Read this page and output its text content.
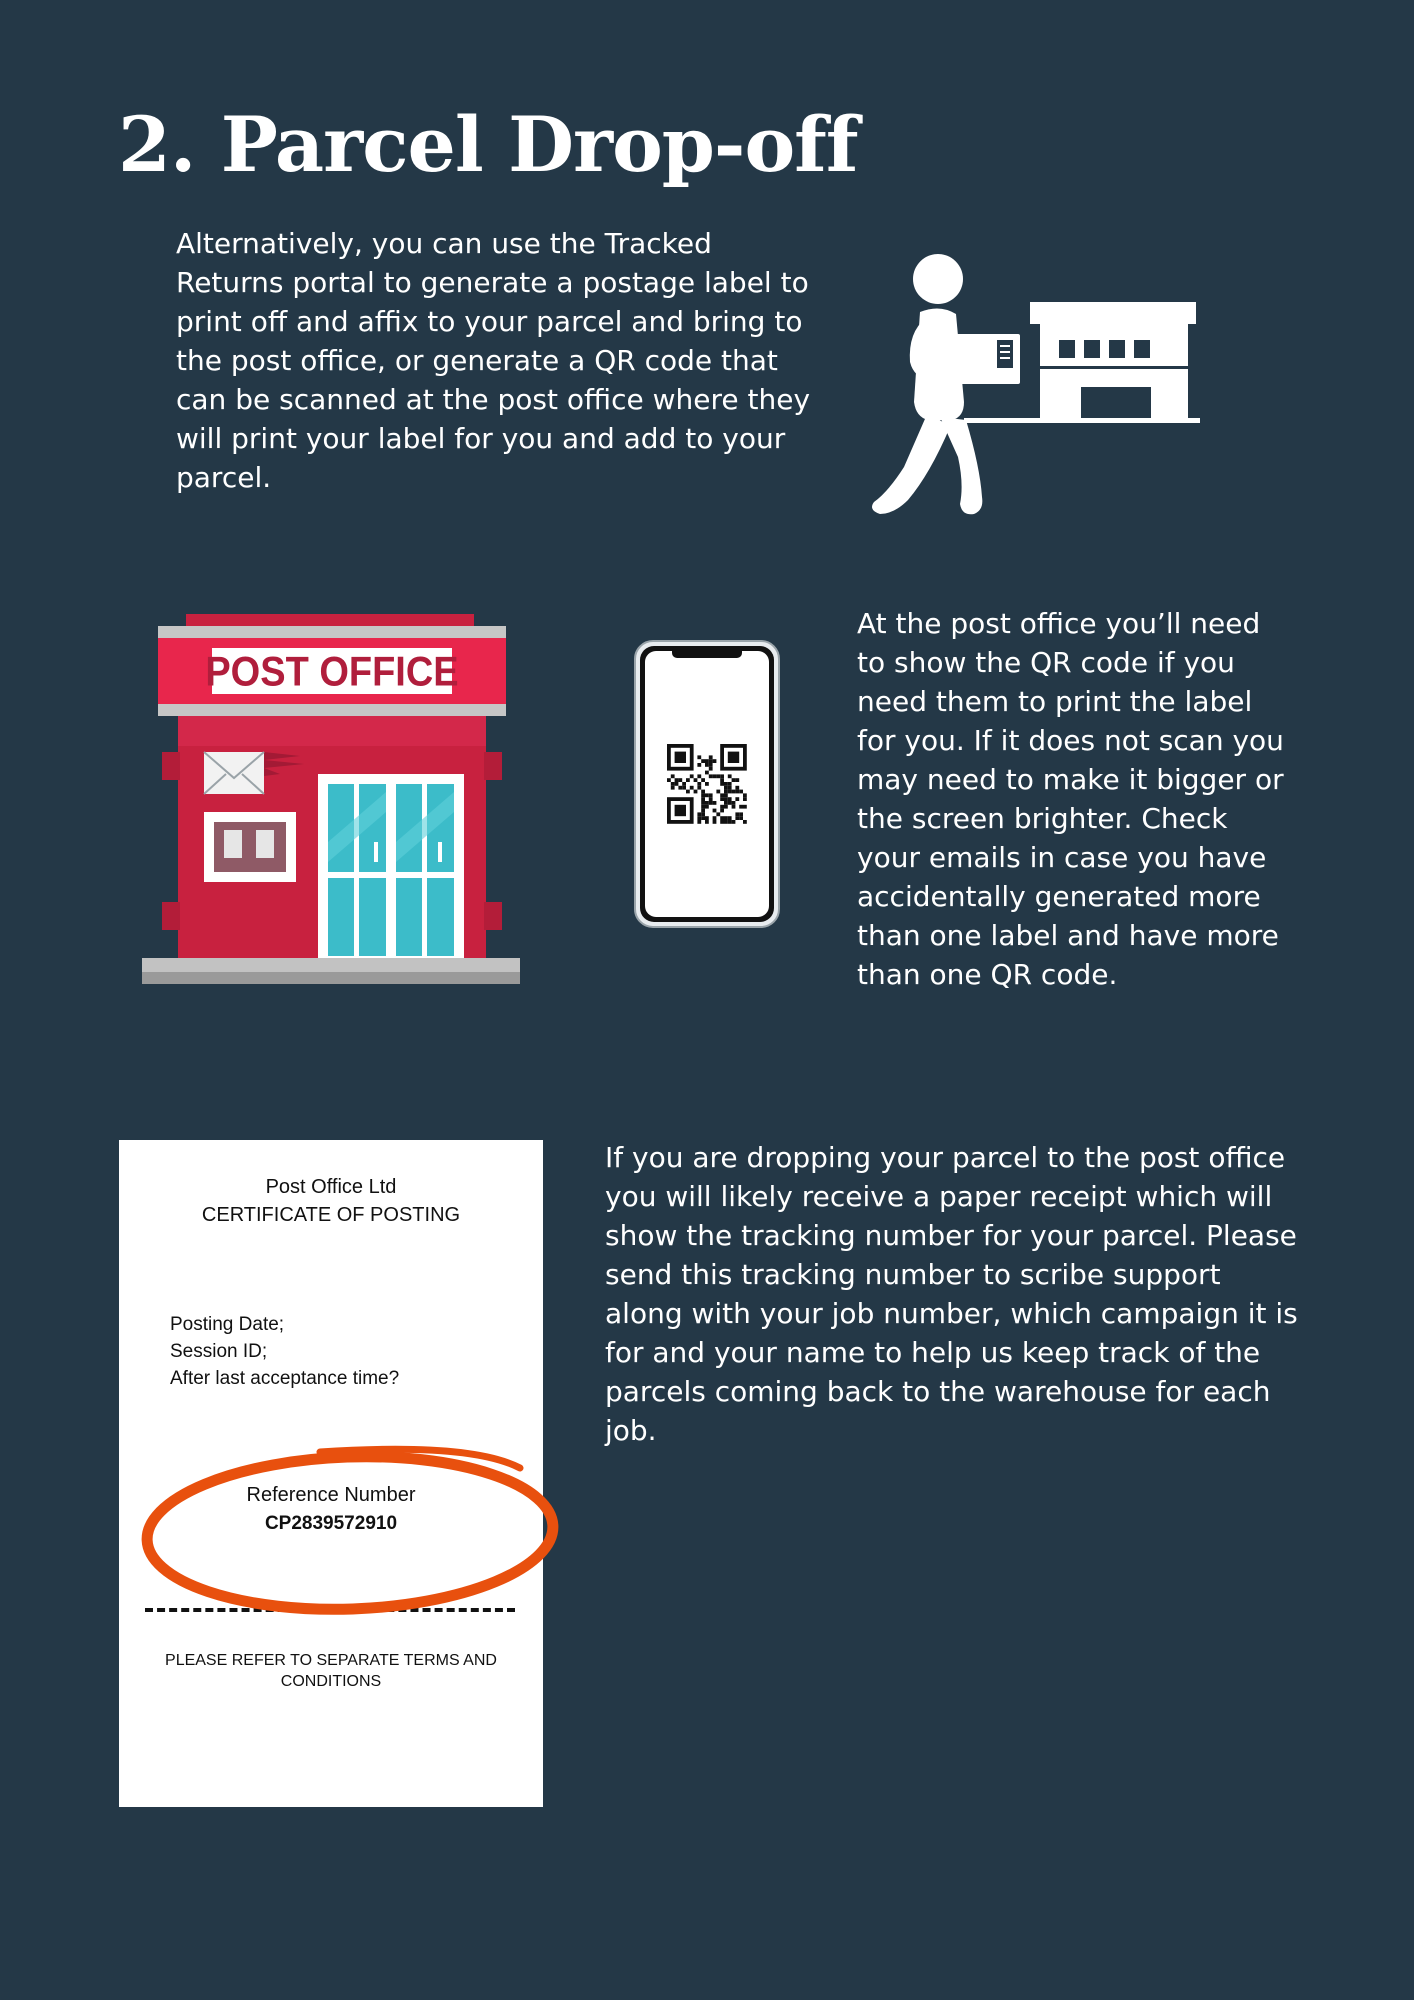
2. Parcel Drop-off

Alternatively, you can use the Tracked Returns portal to generate a postage label to print off and affix to your parcel and bring to the post office, or generate a QR code that can be scanned at the post office where they will print your label for you and add to your parcel.

POST OFFICE

At the post office you’ll need to show the QR code if you need them to print the label for you. If it does not scan you may need to make it bigger or the screen brighter. Check your emails in case you have accidentally generated more than one label and have more than one QR code.

Post Office Ltd

CERTIFICATE OF POSTING

Posting Date;

Session ID;

After last acceptance time?

Reference Number

CP2839572910

PLEASE REFER TO SEPARATE TERMS AND CONDITIONS

If you are dropping your parcel to the post office you will likely receive a paper receipt which will show the tracking number for your parcel. Please send this tracking number to scribe support along with your job number, which campaign it is for and your name to help us keep track of the parcels coming back to the warehouse for each job.
